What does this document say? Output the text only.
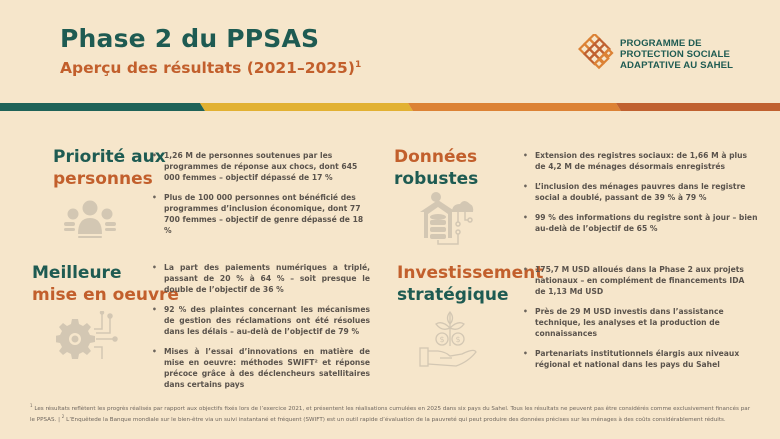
Phase 2 du PPSAS
Aperçu des résultats (2021–2025)$^1$
PROGRAMME DE
PROTECTION SOCIALE
ADAPTATIVE AU SAHEL
Priorité aux
personnes
• 1,26 M de personnes soutenues par les programmes de réponse aux chocs, dont 645 000 femmes – objectif dépassé de 17 %
• Plus de 100 000 personnes ont bénéficié des programmes d’inclusion économique, dont 77 700 femmes – objectif de genre dépassé de 18 %
Données
robustes
• Extension des registres sociaux: de 1,66 M à plus de 4,2 M de ménages désormais enregistrés
• L’inclusion des ménages pauvres dans le registre social a doublé, passant de 39 % à 79 %
• 99 % des informations du registre sont à jour – bien au-delà de l’objectif de 65 %
Meilleure
mise en oeuvre
• La part des paiements numériques a triplé, passant de 20 % à 64 % – soit presque le double de l’objectif de 36 %
• 92 % des plaintes concernant les mécanismes de gestion des réclamations ont été résolues dans les délais – au-delà de l’objectif de 79 %
• Mises à l’essai d’innovations en matière de mise en oeuvre: méthodes SWIFT² et réponse précoce grâce à des déclencheurs satellitaires dans certains pays
Investissement
stratégique
$ $
• 175,7 M USD alloués dans la Phase 2 aux projets nationaux – en complément de financements IDA de 1,13 Md USD
• Près de 29 M USD investis dans l’assistance technique, les analyses et la production de connaissances
• Partenariats institutionnels élargis aux niveaux régional et national dans les pays du Sahel
$^1$ Les résultats reflètent les progrès réalisés par rapport aux objectifs fixés lors de l’exercice 2021, et présentent les réalisations cumulées en 2025 dans six pays du Sahel. Tous les résultats ne peuvent pas être considérés comme exclusivement financés par le PPSAS. | $^2$ L’Enquêtede la Banque mondiale sur le bien-être via un suivi instantané et fréquent (SWIFT) est un outil rapide d’évaluation de la pauvreté qui peut produire des données précises sur les ménages à des coûts considérablement réduits.
